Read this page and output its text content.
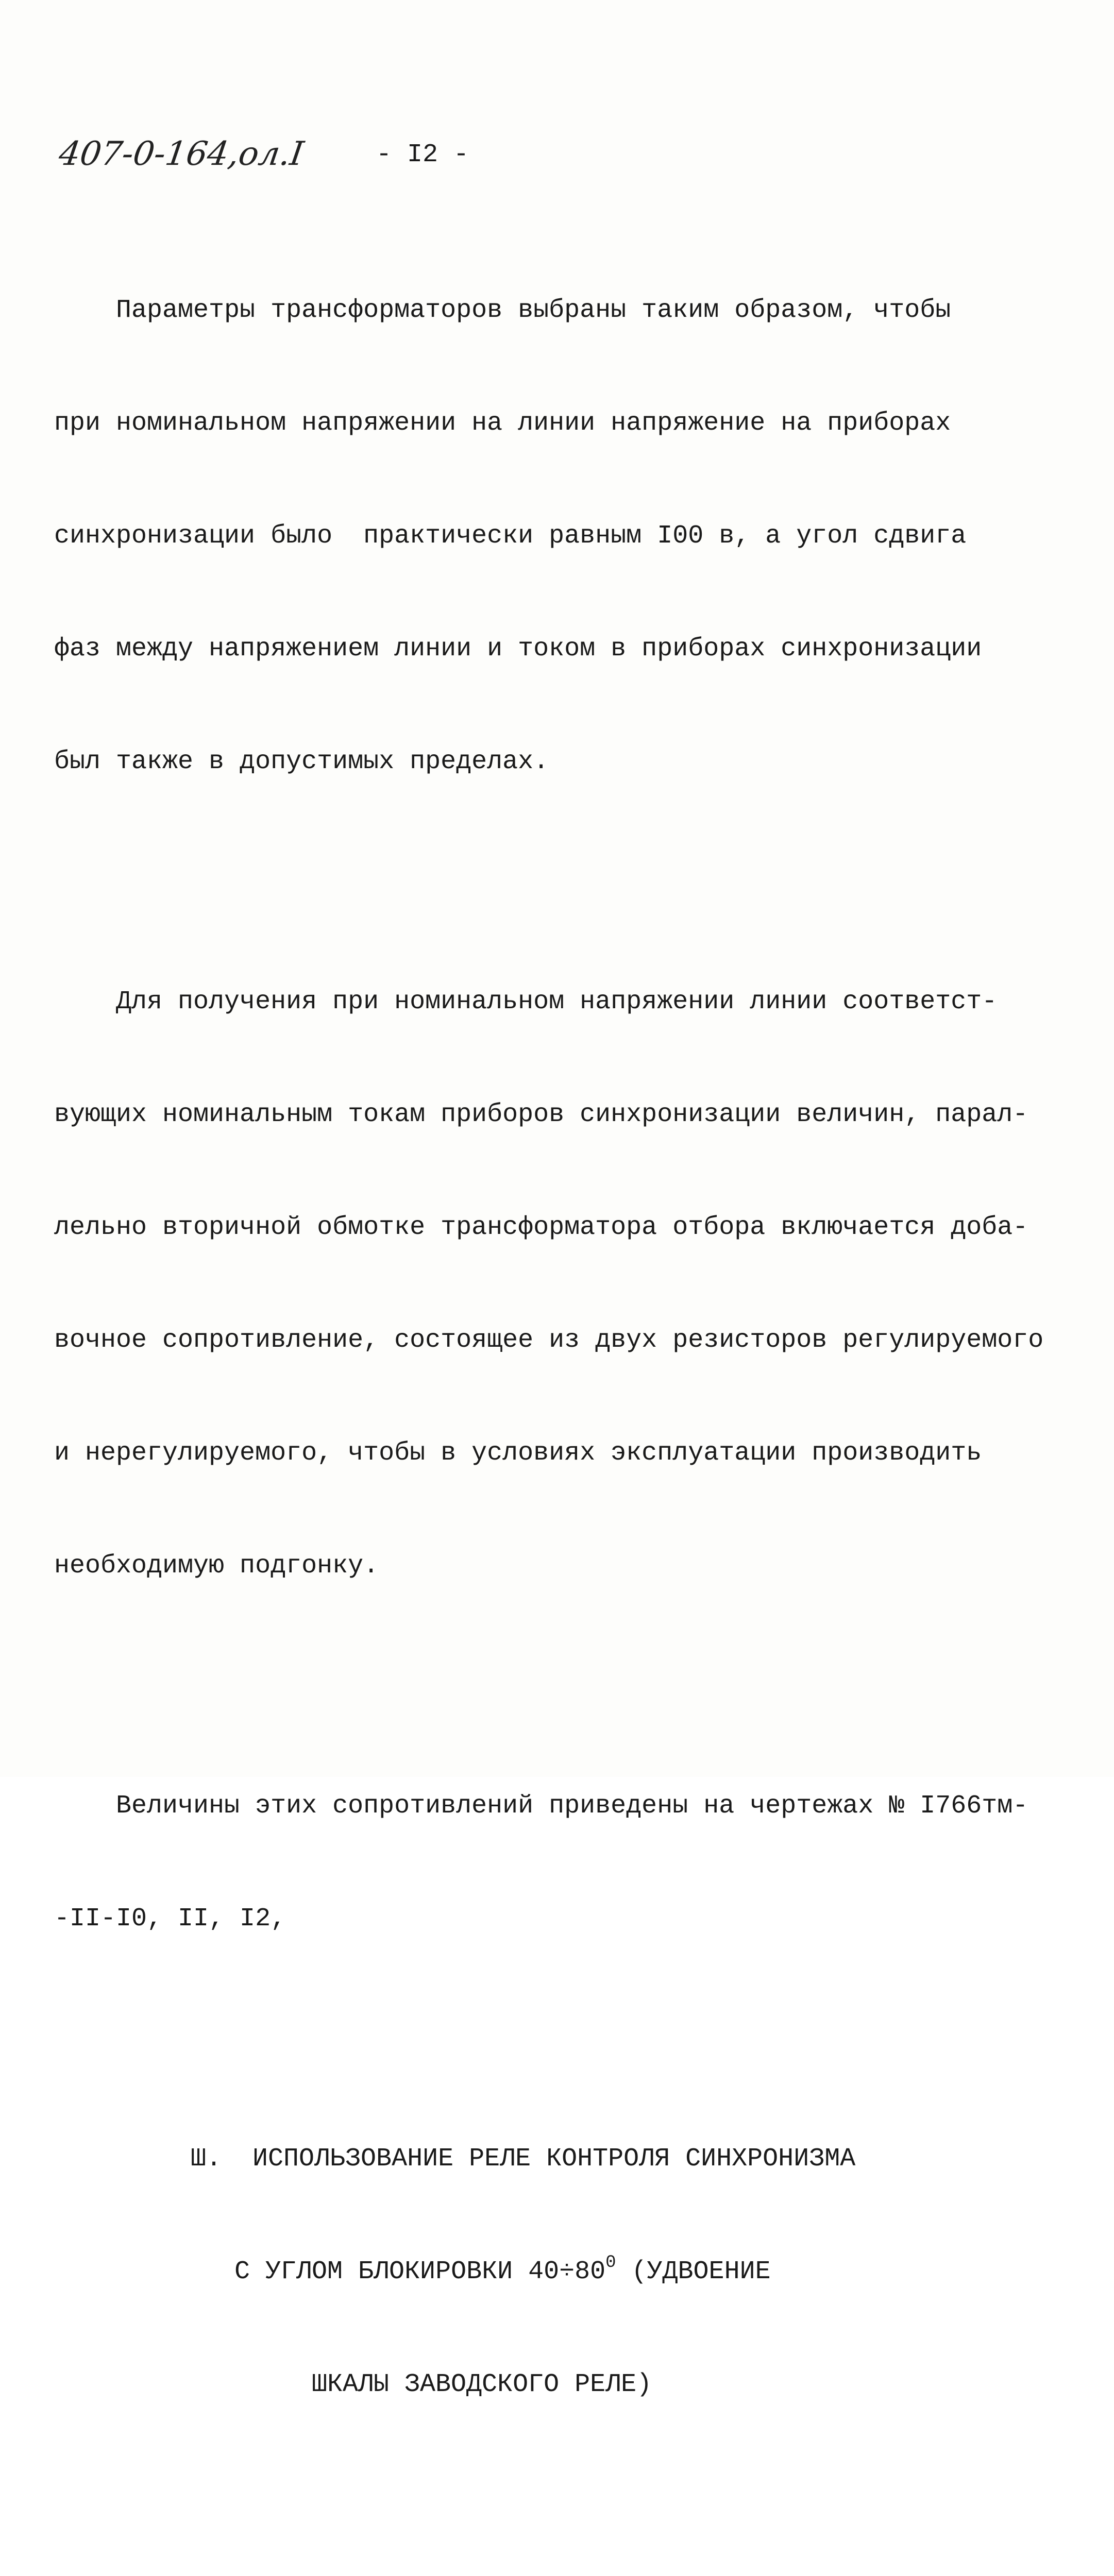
407-0-164,ол.I	- I2 -

Параметры трансформаторов выбраны таким образом, чтобы

при номинальном напряжении на линии напряжение на приборах

синхронизации было  практически равным I00 в, а угол сдвига

фаз между напряжением линии и током в приборах синхронизации

был также в допустимых пределах.

Для получения при номинальном напряжении линии соответст-

вующих номинальным токам приборов синхронизации величин, парал-

лельно вторичной обмотке трансформатора отбора включается доба-

вочное сопротивление, состоящее из двух резисторов регулируемого

и нерегулируемого, чтобы в условиях эксплуатации производить

необходимую подгонку.

Величины этих сопротивлений приведены на чертежах № I766тм-

-II-I0, II, I2,

Ш.  ИСПОЛЬЗОВАНИЕ РЕЛЕ КОНТРОЛЯ СИНХРОНИЗМА

С УГЛОМ БЛОКИРОВКИ $40\div 80^0$ (УДВОЕНИЕ

ШКАЛЫ ЗАВОДСКОГО РЕЛЕ)
